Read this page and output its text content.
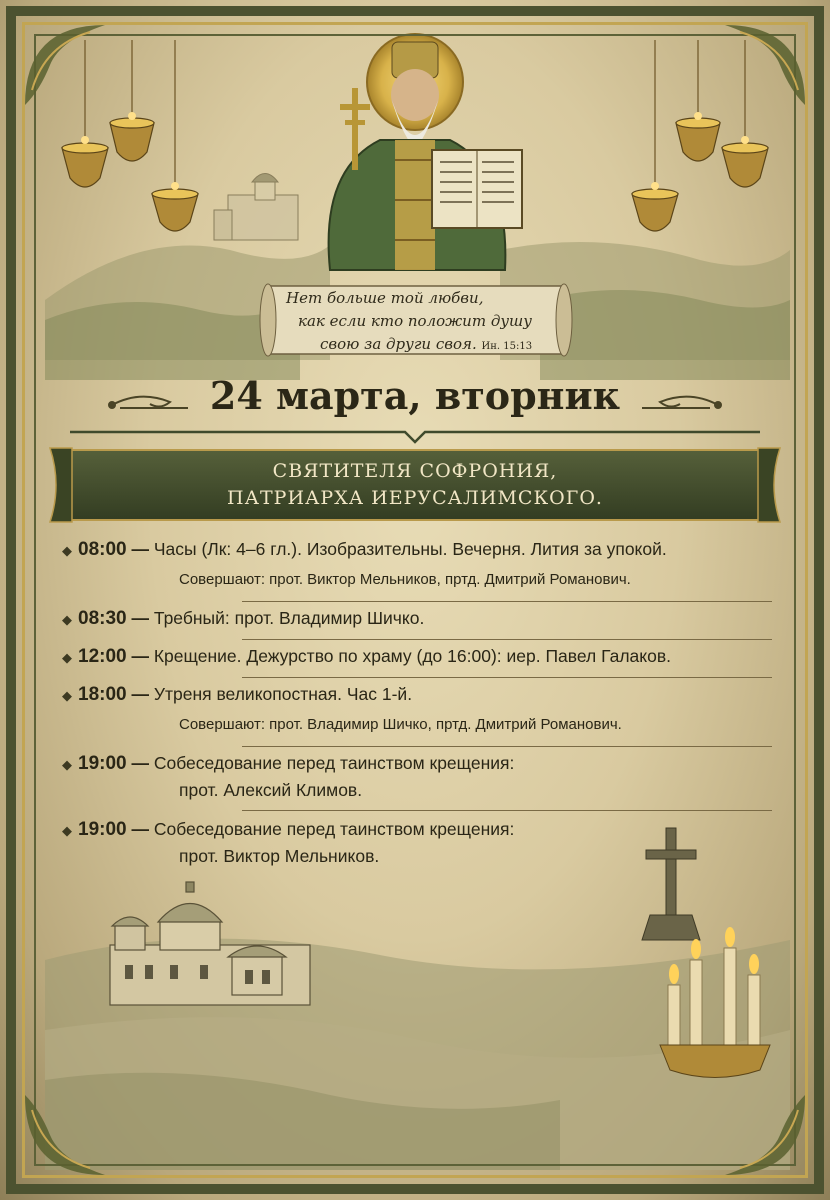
Нет больше той любви,
как если кто положит душу
свою за други своя. Ин. 15:13
24 марта, вторник
СВЯТИТЕЛЯ СОФРОНИЯ,
ПАТРИАРХА ИЕРУСАЛИМСКОГО.
◆ 08:00 — Часы (Лк: 4–6 гл.). Изобразительны. Вечерня. Лития за упокой.
Совершают: прот. Виктор Мельников, пртд. Дмитрий Романович.
◆ 08:30 — Требный: прот. Владимир Шичко.
◆ 12:00 — Крещение. Дежурство по храму (до 16:00): иер. Павел Галаков.
◆ 18:00 — Утреня великопостная. Час 1-й.
Совершают: прот. Владимир Шичко, пртд. Дмитрий Романович.
◆ 19:00 — Собеседование перед таинством крещения:
прот. Алексий Климов.
◆ 19:00 — Собеседование перед таинством крещения:
прот. Виктор Мельников.
